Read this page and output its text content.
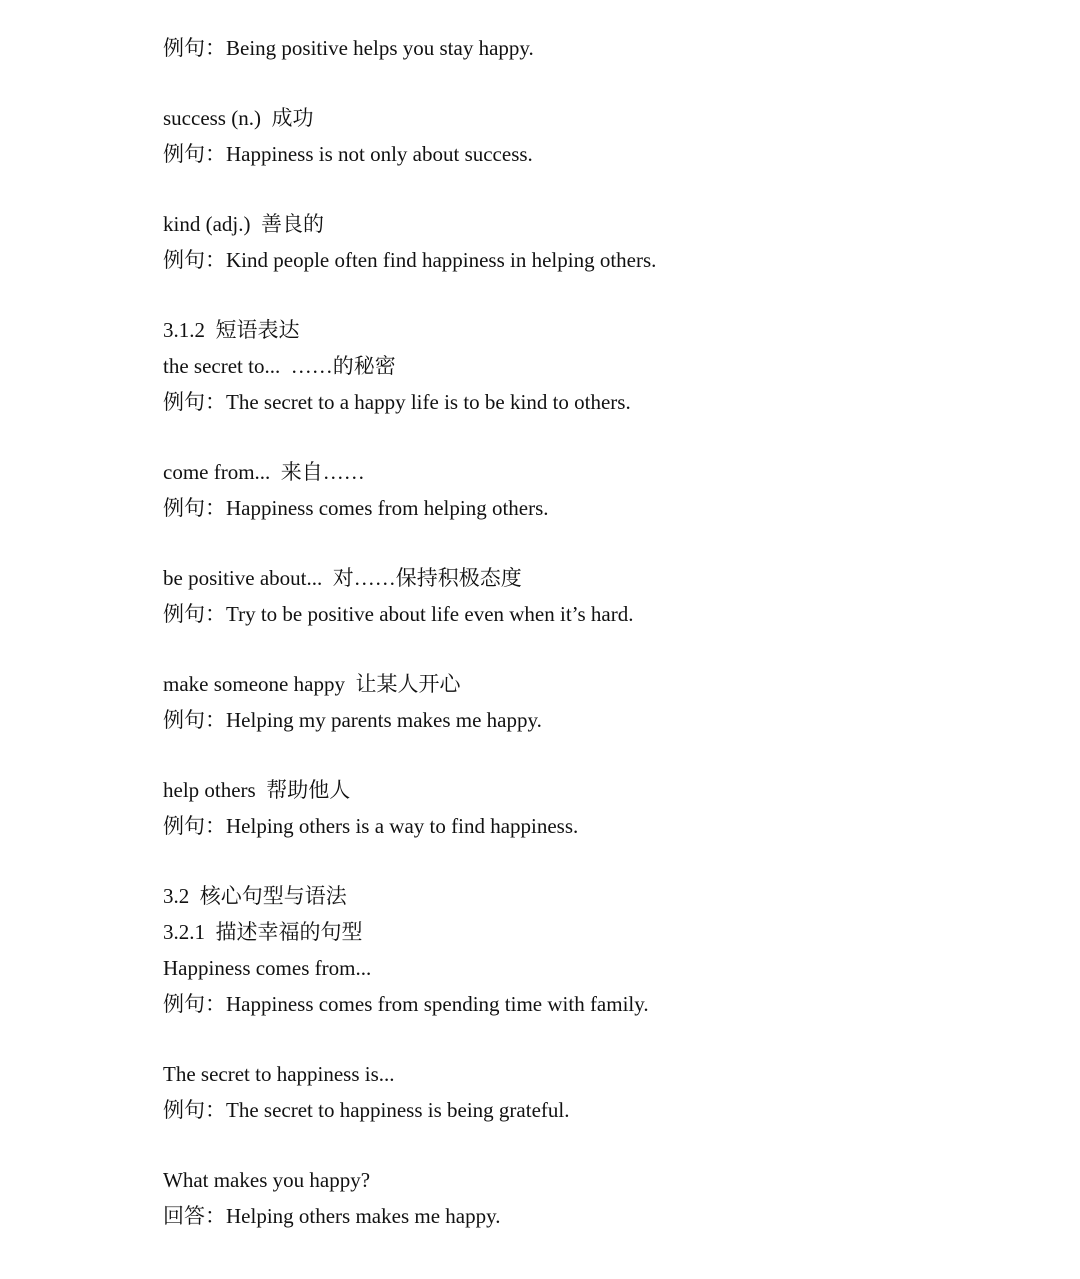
例句：Being positive helps you stay happy.
success (n.)  成功
例句：Happiness is not only about success.
kind (adj.)  善良的
例句：Kind people often find happiness in helping others.
3.1.2  短语表达
the secret to...  ……的秘密
例句：The secret to a happy life is to be kind to others.
come from...  来自……
例句：Happiness comes from helping others.
be positive about...  对……保持积极态度
例句：Try to be positive about life even when it’s hard.
make someone happy  让某人开心
例句：Helping my parents makes me happy.
help others  帮助他人
例句：Helping others is a way to find happiness.
3.2  核心句型与语法
3.2.1  描述幸福的句型
Happiness comes from...
例句：Happiness comes from spending time with family.
The secret to happiness is...
例句：The secret to happiness is being grateful.
What makes you happy?
回答：Helping others makes me happy.
